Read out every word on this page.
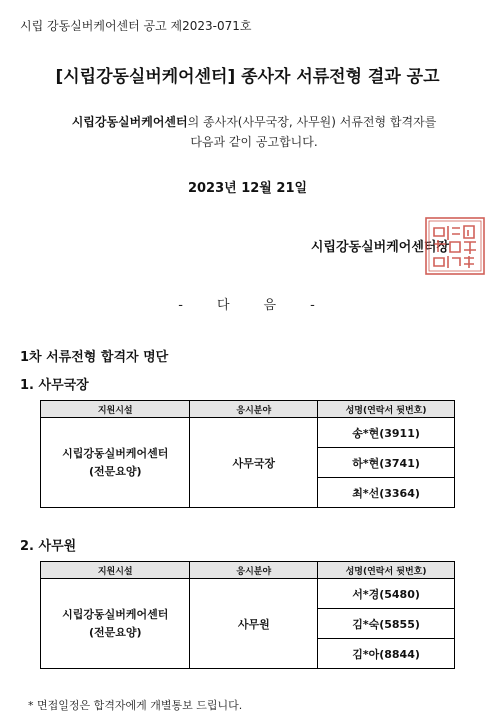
시립 강동실버케어센터 공고 제2023-071호
[시립강동실버케어센터] 종사자 서류전형 결과 공고
시립강동실버케어센터의 종사자(사무국장, 사무원) 서류전형 합격자를
다음과 같이 공고합니다.
2023년 12월 21일
시립강동실버케어센터장
- 다 음 -
1차 서류전형 합격자 명단
1. 사무국장
지원시설	응시분야	성명(연락서 뒷번호)
시립강동실버케어센터
(전문요양)	사무국장	송*현(3911)
		하*현(3741)
		최*선(3364)
2. 사무원
지원시설	응시분야	성명(연락서 뒷번호)
시립강동실버케어센터
(전문요양)	사무원	서*경(5480)
		김*숙(5855)
		김*아(8844)
* 면접일정은 합격자에게 개별통보 드립니다.
